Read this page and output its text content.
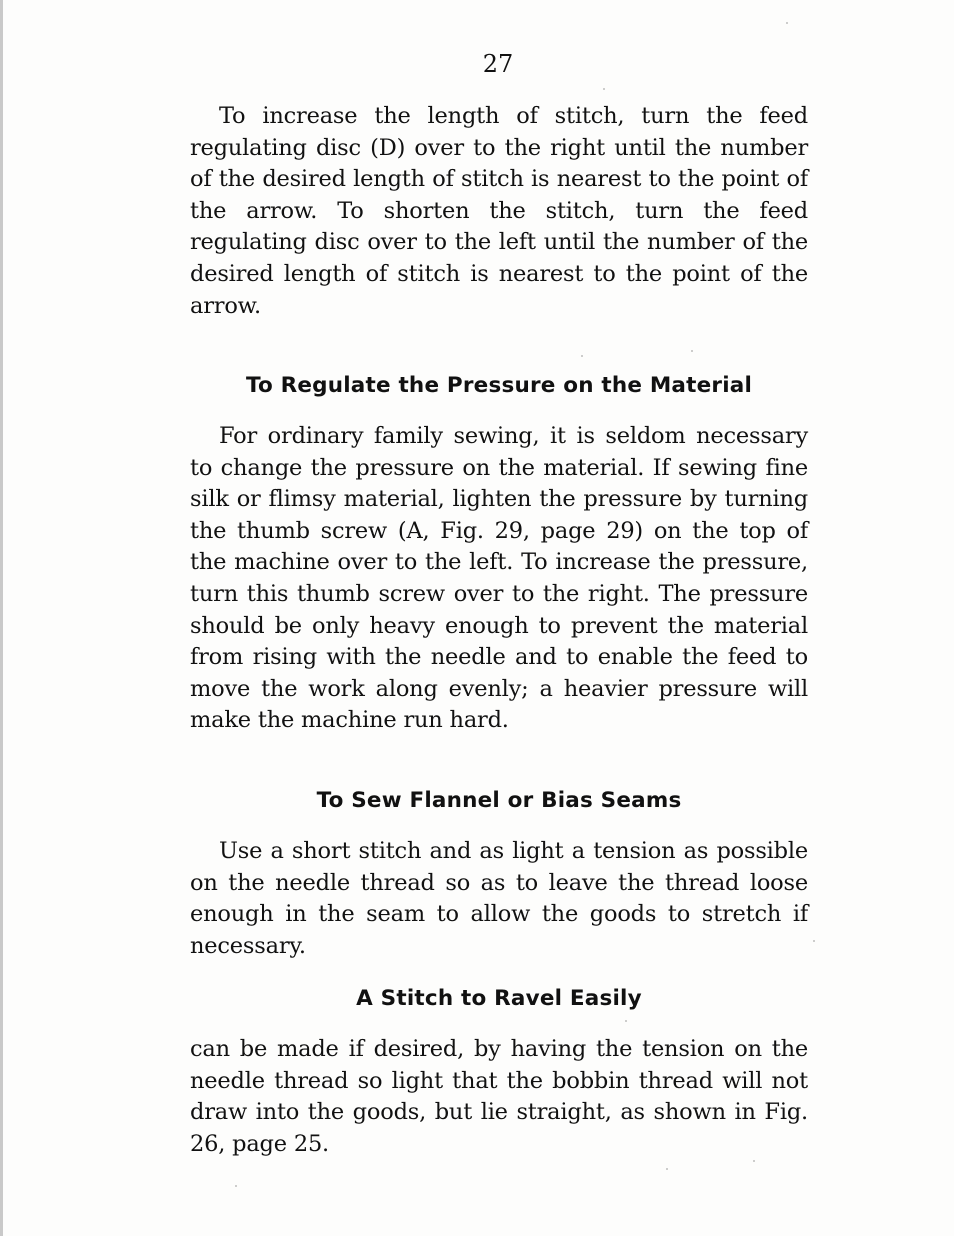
27

To increase the length of stitch, turn the feed regulating disc (D) over to the right until the number of the desired length of stitch is nearest to the point of the arrow. To shorten the stitch, turn the feed regulating disc over to the left until the number of the desired length of stitch is nearest to the point of the arrow.

To Regulate the Pressure on the Material

For ordinary family sewing, it is seldom necessary to change the pressure on the material. If sewing fine silk or flimsy material, lighten the pressure by turning the thumb screw (A, Fig. 29, page 29) on the top of the machine over to the left. To increase the pressure, turn this thumb screw over to the right. The pressure should be only heavy enough to prevent the material from rising with the needle and to enable the feed to move the work along evenly; a heavier pressure will make the machine run hard.

To Sew Flannel or Bias Seams

Use a short stitch and as light a tension as possible on the needle thread so as to leave the thread loose enough in the seam to allow the goods to stretch if necessary.

A Stitch to Ravel Easily

can be made if desired, by having the tension on the needle thread so light that the bobbin thread will not draw into the goods, but lie straight, as shown in Fig. 26, page 25.
